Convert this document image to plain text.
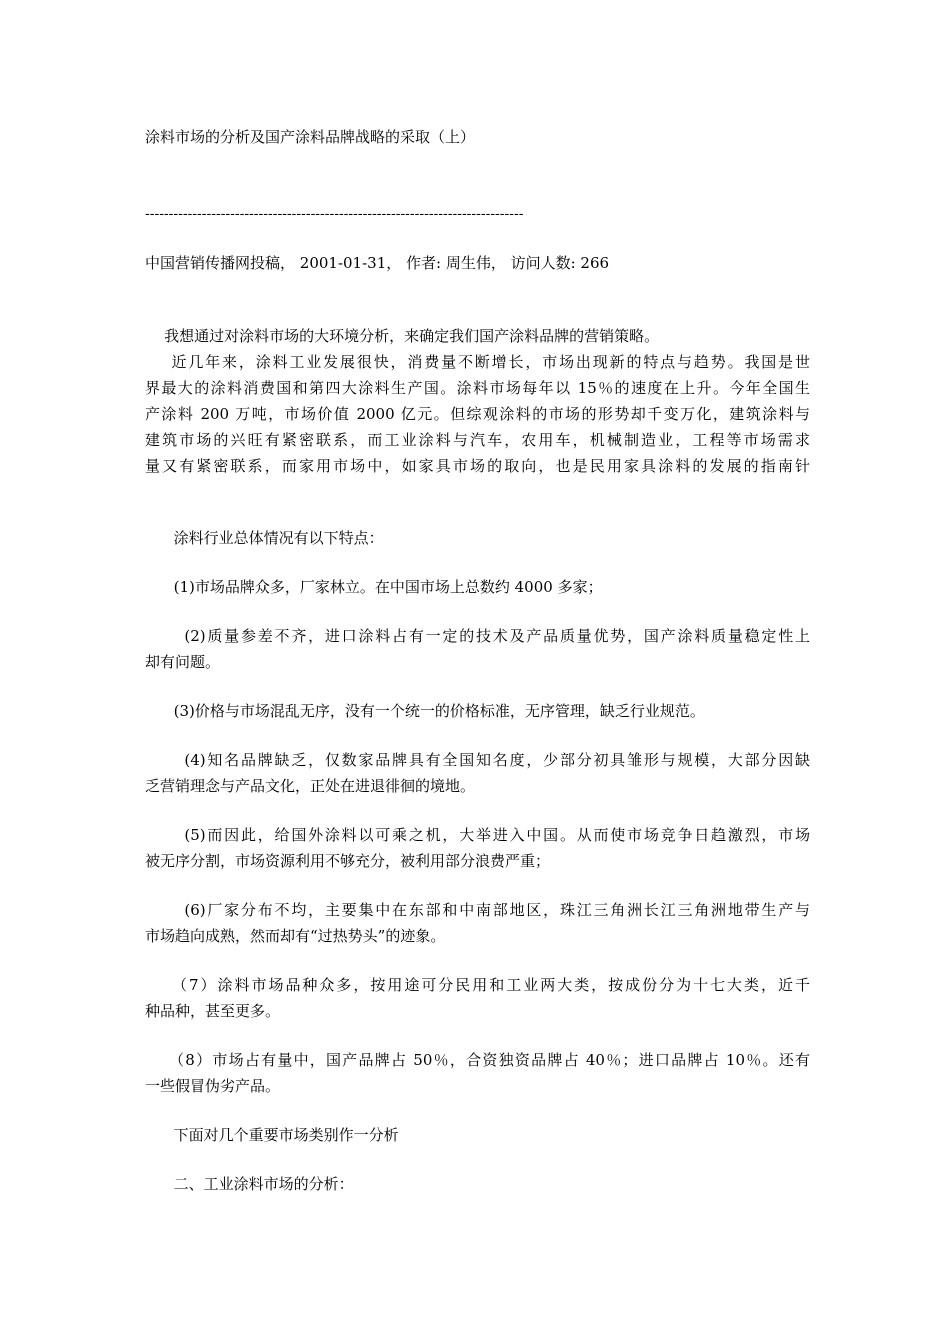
涂料市场的分析及国产涂料品牌战略的采取（上）
--------------------------------------------------------------------------------
中国营销传播网投稿， 2001-01-31， 作者: 周生伟， 访问人数: 266
我想通过对涂料市场的大环境分析，来确定我们国产涂料品牌的营销策略。
近几年来，涂料工业发展很快，消费量不断增长，市场出现新的特点与趋势。我国是世
界最大的涂料消费国和第四大涂料生产国。涂料市场每年以 15％的速度在上升。今年全国生
产涂料 200 万吨，市场价值 2000 亿元。但综观涂料的市场的形势却千变万化，建筑涂料与
建筑市场的兴旺有紧密联系，而工业涂料与汽车，农用车，机械制造业，工程等市场需求
量又有紧密联系，而家用市场中，如家具市场的取向，也是民用家具涂料的发展的指南针
涂料行业总体情况有以下特点：
(1)市场品牌众多，厂家林立。在中国市场上总数约 4000 多家；
(2)质量参差不齐，进口涂料占有一定的技术及产品质量优势，国产涂料质量稳定性上
却有问题。
(3)价格与市场混乱无序，没有一个统一的价格标准，无序管理，缺乏行业规范。
(4)知名品牌缺乏，仅数家品牌具有全国知名度，少部分初具雏形与规模，大部分因缺
乏营销理念与产品文化，正处在进退徘徊的境地。
(5)而因此，给国外涂料以可乘之机，大举进入中国。从而使市场竞争日趋激烈，市场
被无序分割，市场资源利用不够充分，被利用部分浪费严重；
(6)厂家分布不均，主要集中在东部和中南部地区，珠江三角洲长江三角洲地带生产与
市场趋向成熟，然而却有“过热势头”的迹象。
（7）涂料市场品种众多，按用途可分民用和工业两大类，按成份分为十七大类，近千
种品种，甚至更多。
（8）市场占有量中，国产品牌占 50％，合资独资品牌占 40％；进口品牌占 10％。还有
一些假冒伪劣产品。
下面对几个重要市场类别作一分析
二、工业涂料市场的分析：
